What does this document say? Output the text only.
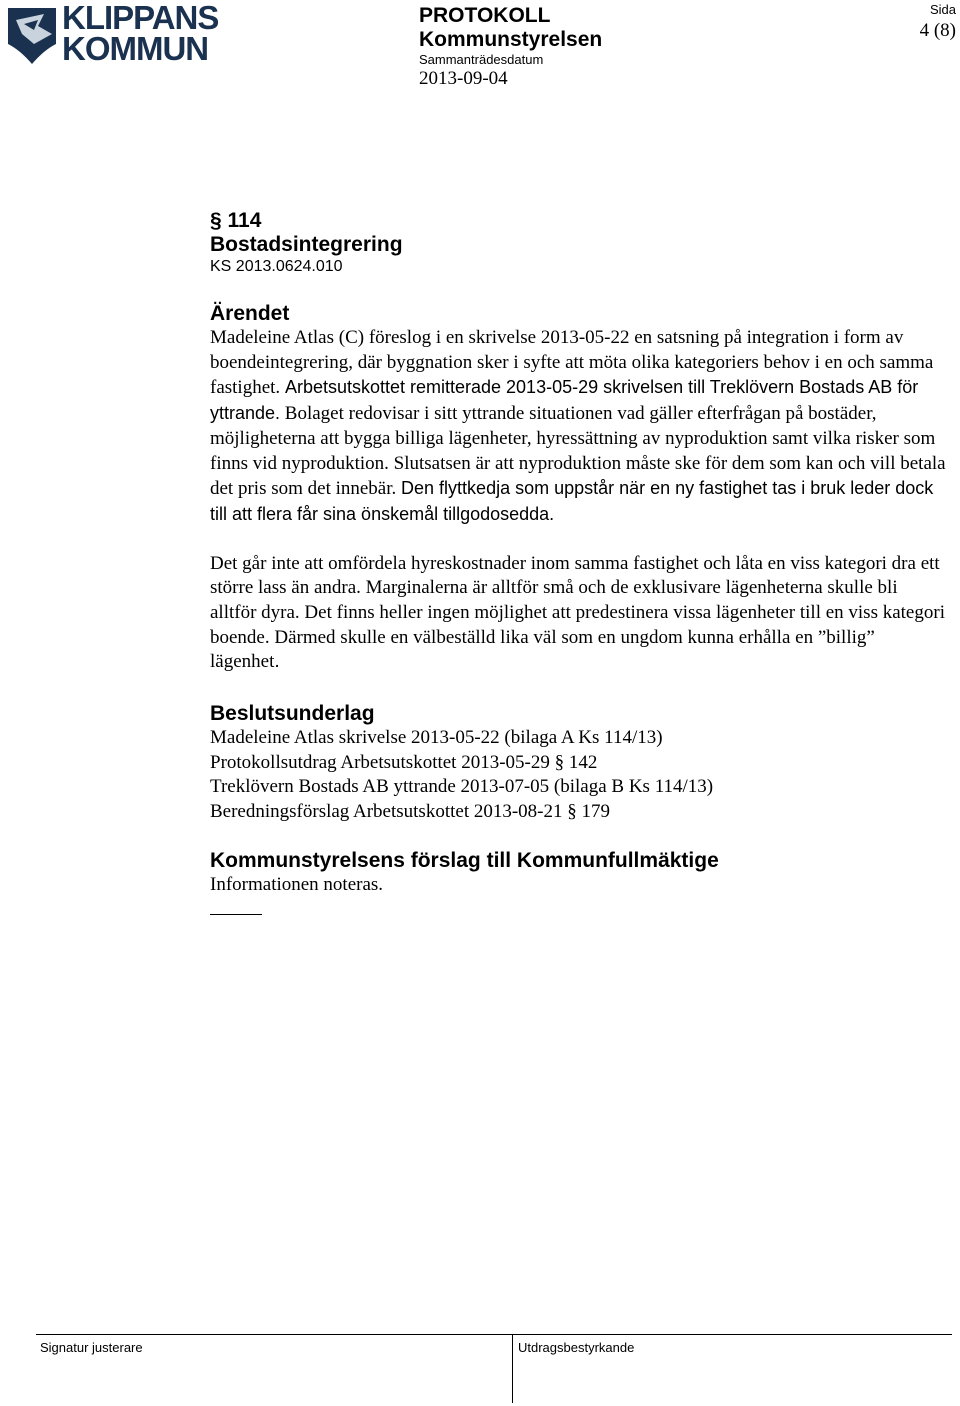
KLIPPANS
KOMMUN
PROTOKOLL
Kommunstyrelsen
Sammanträdesdatum
2013-09-04
Sida
4 (8)
§ 114
Bostadsintegrering
KS 2013.0624.010
Ärendet

Madeleine Atlas (C) föreslog i en skrivelse 2013-05-22 en satsning på integration i form av boendeintegrering, där byggnation sker i syfte att möta olika kategoriers behov i en och samma fastighet. Arbetsutskottet remitterade 2013-05-29 skrivelsen till Treklövern Bostads AB för yttrande. Bolaget redovisar i sitt yttrande situationen vad gäller efterfrågan på bostäder, möjligheterna att bygga billiga lägenheter, hyressättning av nyproduktion samt vilka risker som finns vid nyproduktion. Slutsatsen är att nyproduktion måste ske för dem som kan och vill betala det pris som det innebär. Den flyttkedja som uppstår när en ny fastighet tas i bruk leder dock till att flera får sina önskemål tillgodosedda.

Det går inte att omfördela hyreskostnader inom samma fastighet och låta en viss kategori dra ett större lass än andra. Marginalerna är alltför små och de exklusivare lägenheterna skulle bli alltför dyra. Det finns heller ingen möjlighet att predestinera vissa lägenheter till en viss kategori boende. Därmed skulle en välbeställd lika väl som en ungdom kunna erhålla en ”billig” lägenhet.

Beslutsunderlag
Madeleine Atlas skrivelse 2013-05-22 (bilaga A Ks 114/13)
Protokollsutdrag Arbetsutskottet 2013-05-29 § 142
Treklövern Bostads AB yttrande 2013-07-05 (bilaga B Ks 114/13)
Beredningsförslag Arbetsutskottet 2013-08-21 § 179
Kommunstyrelsens förslag till Kommunfullmäktige
Informationen noteras.
Signatur justerare	Utdragsbestyrkande
